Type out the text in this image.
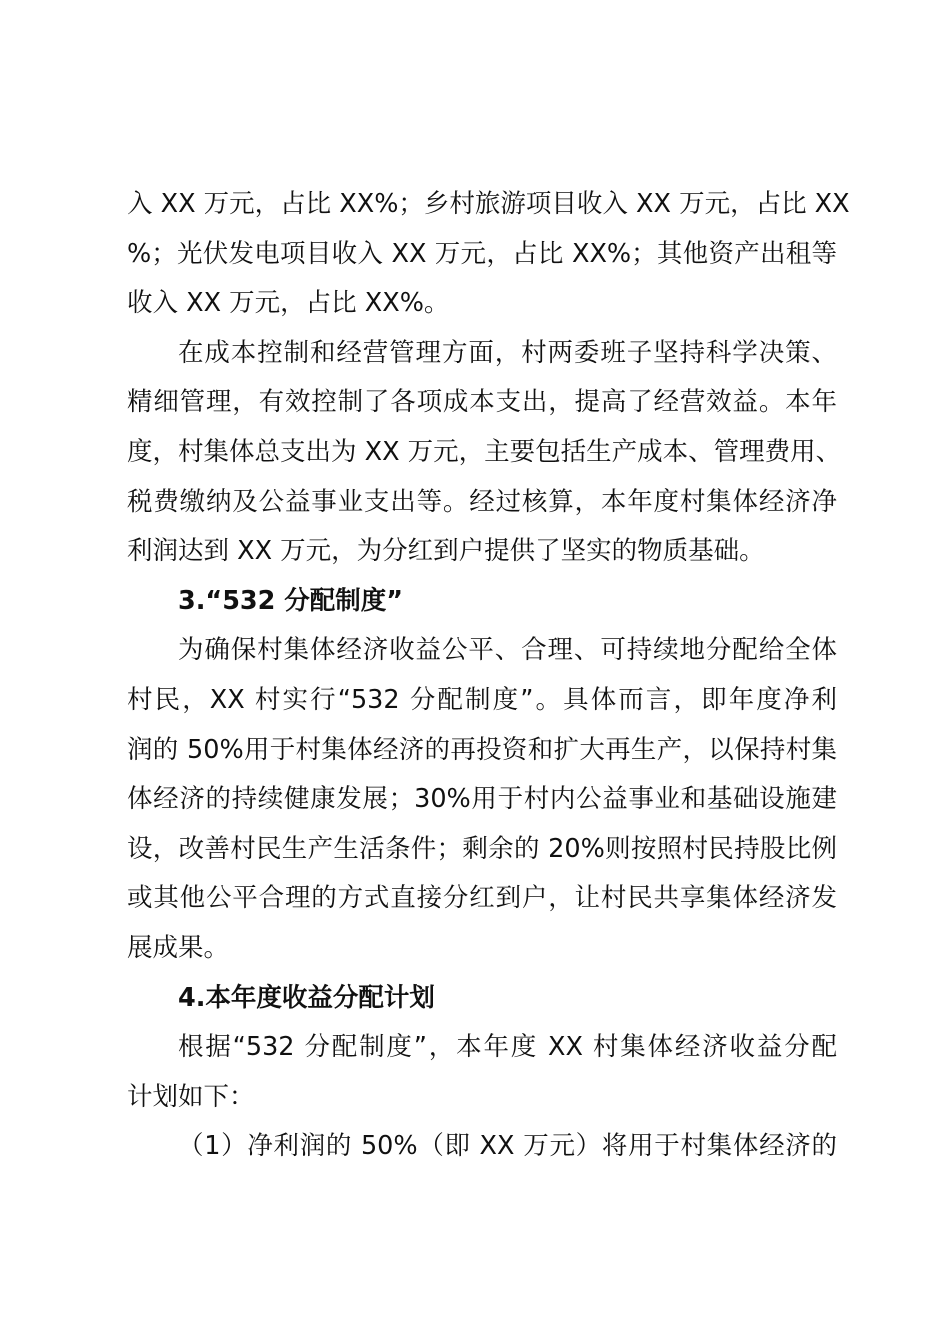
入 XX 万元，占比 XX%；乡村旅游项目收入 XX 万元，占比 XX
%；光伏发电项目收入 XX 万元，占比 XX%；其他资产出租等
收入 XX 万元，占比 XX%。
在成本控制和经营管理方面，村两委班子坚持科学决策、
精细管理，有效控制了各项成本支出，提高了经营效益。本年
度，村集体总支出为 XX 万元，主要包括生产成本、管理费用、
税费缴纳及公益事业支出等。经过核算，本年度村集体经济净
利润达到 XX 万元，为分红到户提供了坚实的物质基础。
3.“532 分配制度”
为确保村集体经济收益公平、合理、可持续地分配给全体
村民，XX 村实行“532 分配制度”。具体而言，即年度净利
润的 50%用于村集体经济的再投资和扩大再生产，以保持村集
体经济的持续健康发展；30%用于村内公益事业和基础设施建
设，改善村民生产生活条件；剩余的 20%则按照村民持股比例
或其他公平合理的方式直接分红到户，让村民共享集体经济发
展成果。
4.本年度收益分配计划
根据“532 分配制度”，本年度 XX 村集体经济收益分配
计划如下：
（1）净利润的 50%（即 XX 万元）将用于村集体经济的
